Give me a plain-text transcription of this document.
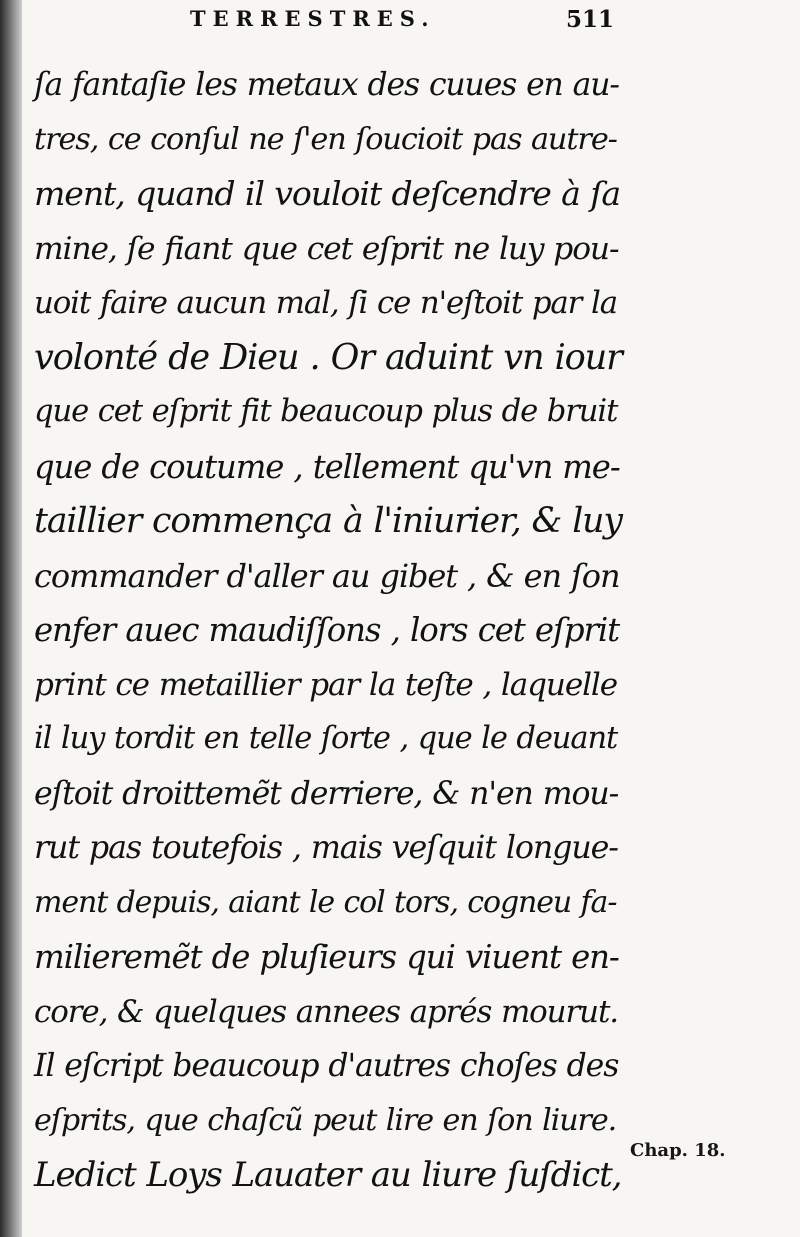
TERRESTRES.	511
ſa fantaſie les metaux des cuues en au-
tres, ce conſul ne ſ'en ſoucioit pas autre-
ment, quand il vouloit deſcendre à ſa
mine, ſe fiant que cet eſprit ne luy pou-
uoit faire aucun mal, ſi ce n'eſtoit par la
volonté de Dieu . Or aduint vn iour
que cet eſprit fit beaucoup plus de bruit
que de coutume , tellement qu'vn me-
taillier commença à l'iniurier, & luy
commander d'aller au gibet , & en ſon
enfer auec maudiſſons , lors cet eſprit
print ce metaillier par la teſte , laquelle
il luy tordit en telle ſorte , que le deuant
eſtoit droittemẽt derriere, & n'en mou-
rut pas toutefois , mais veſquit longue-
ment depuis, aiant le col tors, cogneu fa-
milieremẽt de pluſieurs qui viuent en-
core, & quelques annees aprés mourut.
Il eſcript beaucoup d'autres choſes des
eſprits, que chaſcũ peut lire en ſon liure.
Ledict Loys Lauater au liure ſuſdict,
Chap. 18.
